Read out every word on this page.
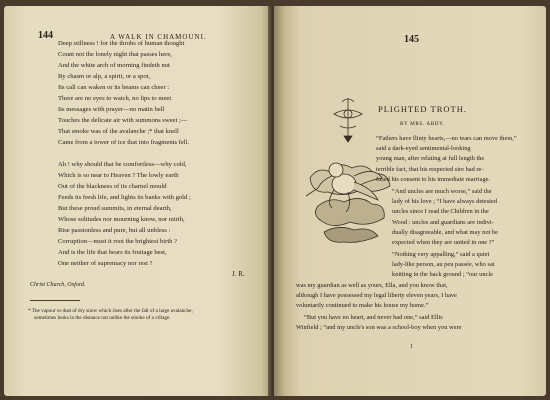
144	A WALK IN CHAMOUNI.
Deep stillness ! for the throbs of human thought
Count not the lonely night that passes here,
And the white arch of morning findeth not
By chasm or alp, a spirit, or a spot,
Its call can waken or its beams can cheer :
There are no eyes to watch, no lips to meet
Its messages with prayer—no matin bell
Touches the delicate air with summons sweet ;—
That smoke was of the avalanche ;* that knell
Came from a tower of ice that into fragments fell.
Ah ! why should that be comfortless—why cold,
Which is so near to Heaven ? The lowly earth
Out of the blackness of its charnel mould
Feeds its fresh life, and lights its banks with gold ;
But these proud summits, in eternal dearth,
Whose solitudes nor mourning know, nor mirth,
Rise passionless and pure, but all unbless :
Corruption—must it root the brightest birth ?
And is the life that bears its fruitage best,
One neither of supremacy nor rest ?
J. R.
Christ Church, Oxford.
* The vapour or dust of dry snow which rises after the fall of a large avalanche,
sometimes looks in the distance not unlike the smoke of a village.
145
PLIGHTED TROTH.
BY MRS. ABDY.
“Fathers have flinty hearts,—no tears can move them,”
said a dark-eyed sentimental-looking
young man, after relating at full length the
terrible fact, that his respected sire had re-
fused his consent to his immediate marriage.
“And uncles are much worse,” said the
lady of his love ; “I have always detested
uncles since I read the Children in the
Wood : uncles and guardians are indivi-
dually disagreeable, and what may not be
expected when they are united in one ?”
“Nothing very appalling,” said a quiet
lady-like person, au peu passée, who sat
knitting in the back ground ; “our uncle
was my guardian as well as yours, Ella, and you know that,
although I have possessed my legal liberty eleven years, I have
voluntarily continued to make his house my home.”
“But you have no heart, and never had one,” said Ellis
Winfield ; “and my uncle's son was a school-boy when you were
1
